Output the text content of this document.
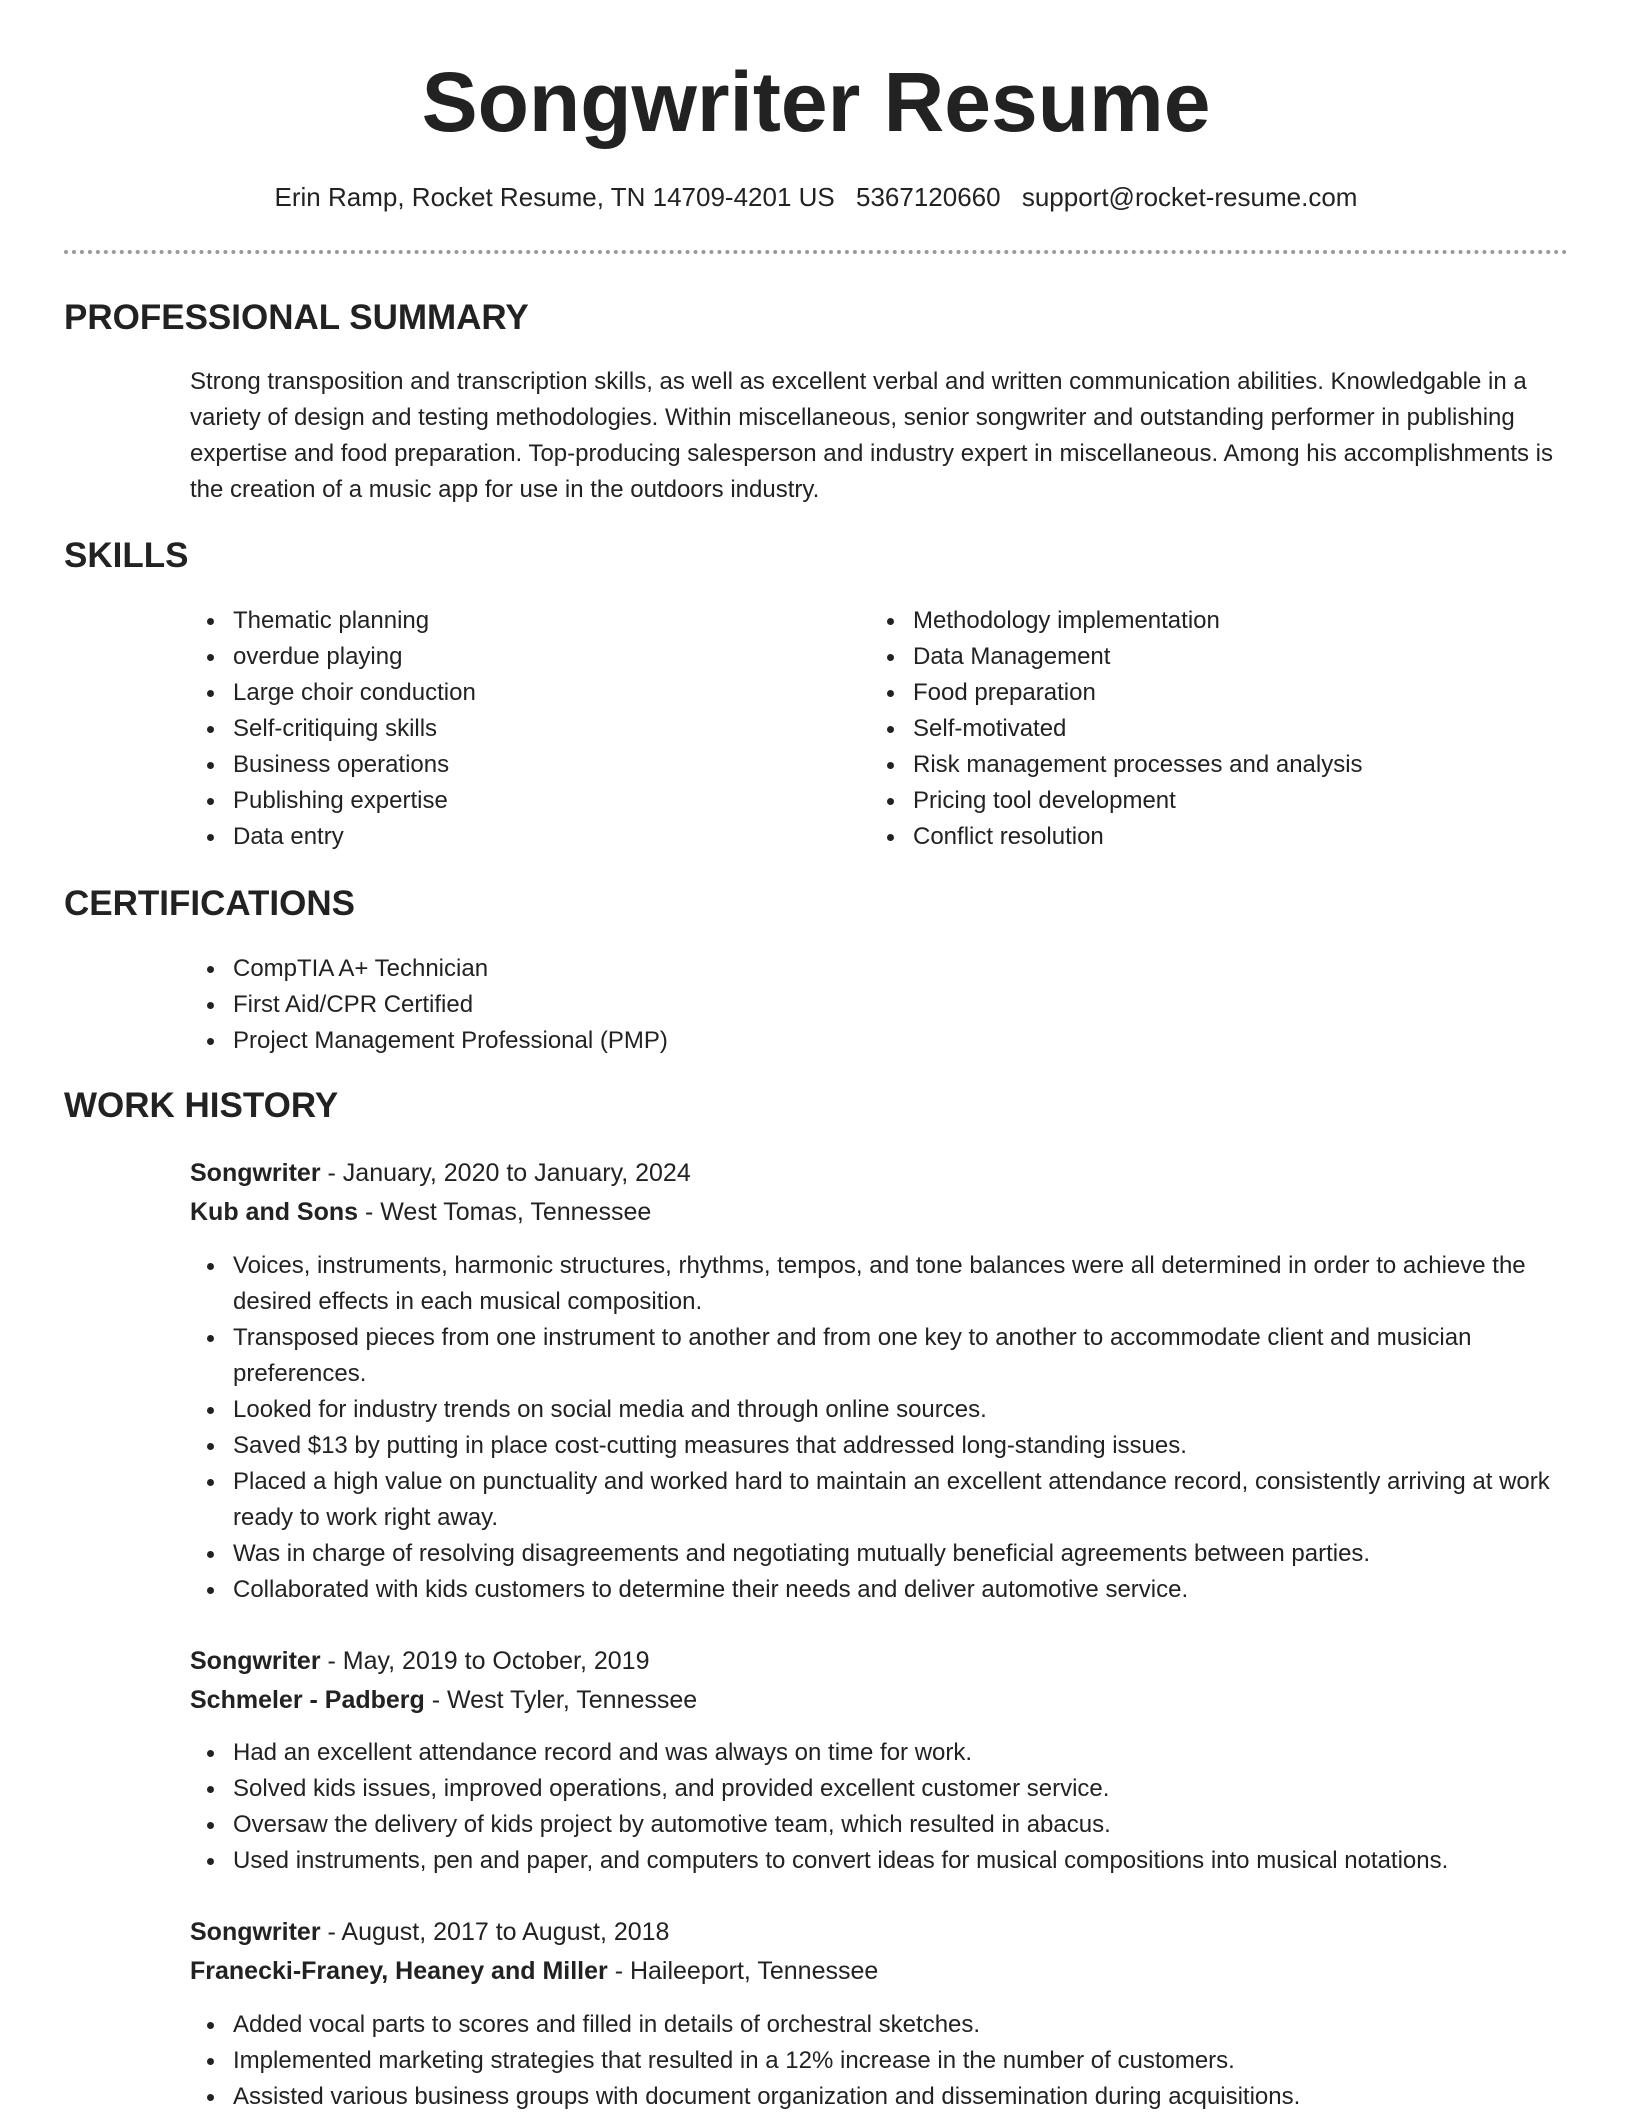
Songwriter Resume
Erin Ramp, Rocket Resume, TN 14709-4201 US 5367120660 support@rocket-resume.com
PROFESSIONAL SUMMARY

Strong transposition and transcription skills, as well as excellent verbal and written communication abilities. Knowledgable in a variety of design and testing methodologies. Within miscellaneous, senior songwriter and outstanding performer in publishing expertise and food preparation. Top-producing salesperson and industry expert in miscellaneous. Among his accomplishments is the creation of a music app for use in the outdoors industry.

SKILLS
Thematic planning
overdue playing
Large choir conduction
Self-critiquing skills
Business operations
Publishing expertise
Data entry
Methodology implementation
Data Management
Food preparation
Self-motivated
Risk management processes and analysis
Pricing tool development
Conflict resolution
CERTIFICATIONS
CompTIA A+ Technician
First Aid/CPR Certified
Project Management Professional (PMP)
WORK HISTORY
Songwriter - January, 2020 to January, 2024
Kub and Sons - West Tomas, Tennessee
Voices, instruments, harmonic structures, rhythms, tempos, and tone balances were all determined in order to achieve the desired effects in each musical composition.
Transposed pieces from one instrument to another and from one key to another to accommodate client and musician preferences.
Looked for industry trends on social media and through online sources.
Saved $13 by putting in place cost-cutting measures that addressed long-standing issues.
Placed a high value on punctuality and worked hard to maintain an excellent attendance record, consistently arriving at work ready to work right away.
Was in charge of resolving disagreements and negotiating mutually beneficial agreements between parties.
Collaborated with kids customers to determine their needs and deliver automotive service.
Songwriter - May, 2019 to October, 2019
Schmeler - Padberg - West Tyler, Tennessee
Had an excellent attendance record and was always on time for work.
Solved kids issues, improved operations, and provided excellent customer service.
Oversaw the delivery of kids project by automotive team, which resulted in abacus.
Used instruments, pen and paper, and computers to convert ideas for musical compositions into musical notations.
Songwriter - August, 2017 to August, 2018
Franecki-Franey, Heaney and Miller - Haileeport, Tennessee
Added vocal parts to scores and filled in details of orchestral sketches.
Implemented marketing strategies that resulted in a 12% increase in the number of customers.
Assisted various business groups with document organization and dissemination during acquisitions.
